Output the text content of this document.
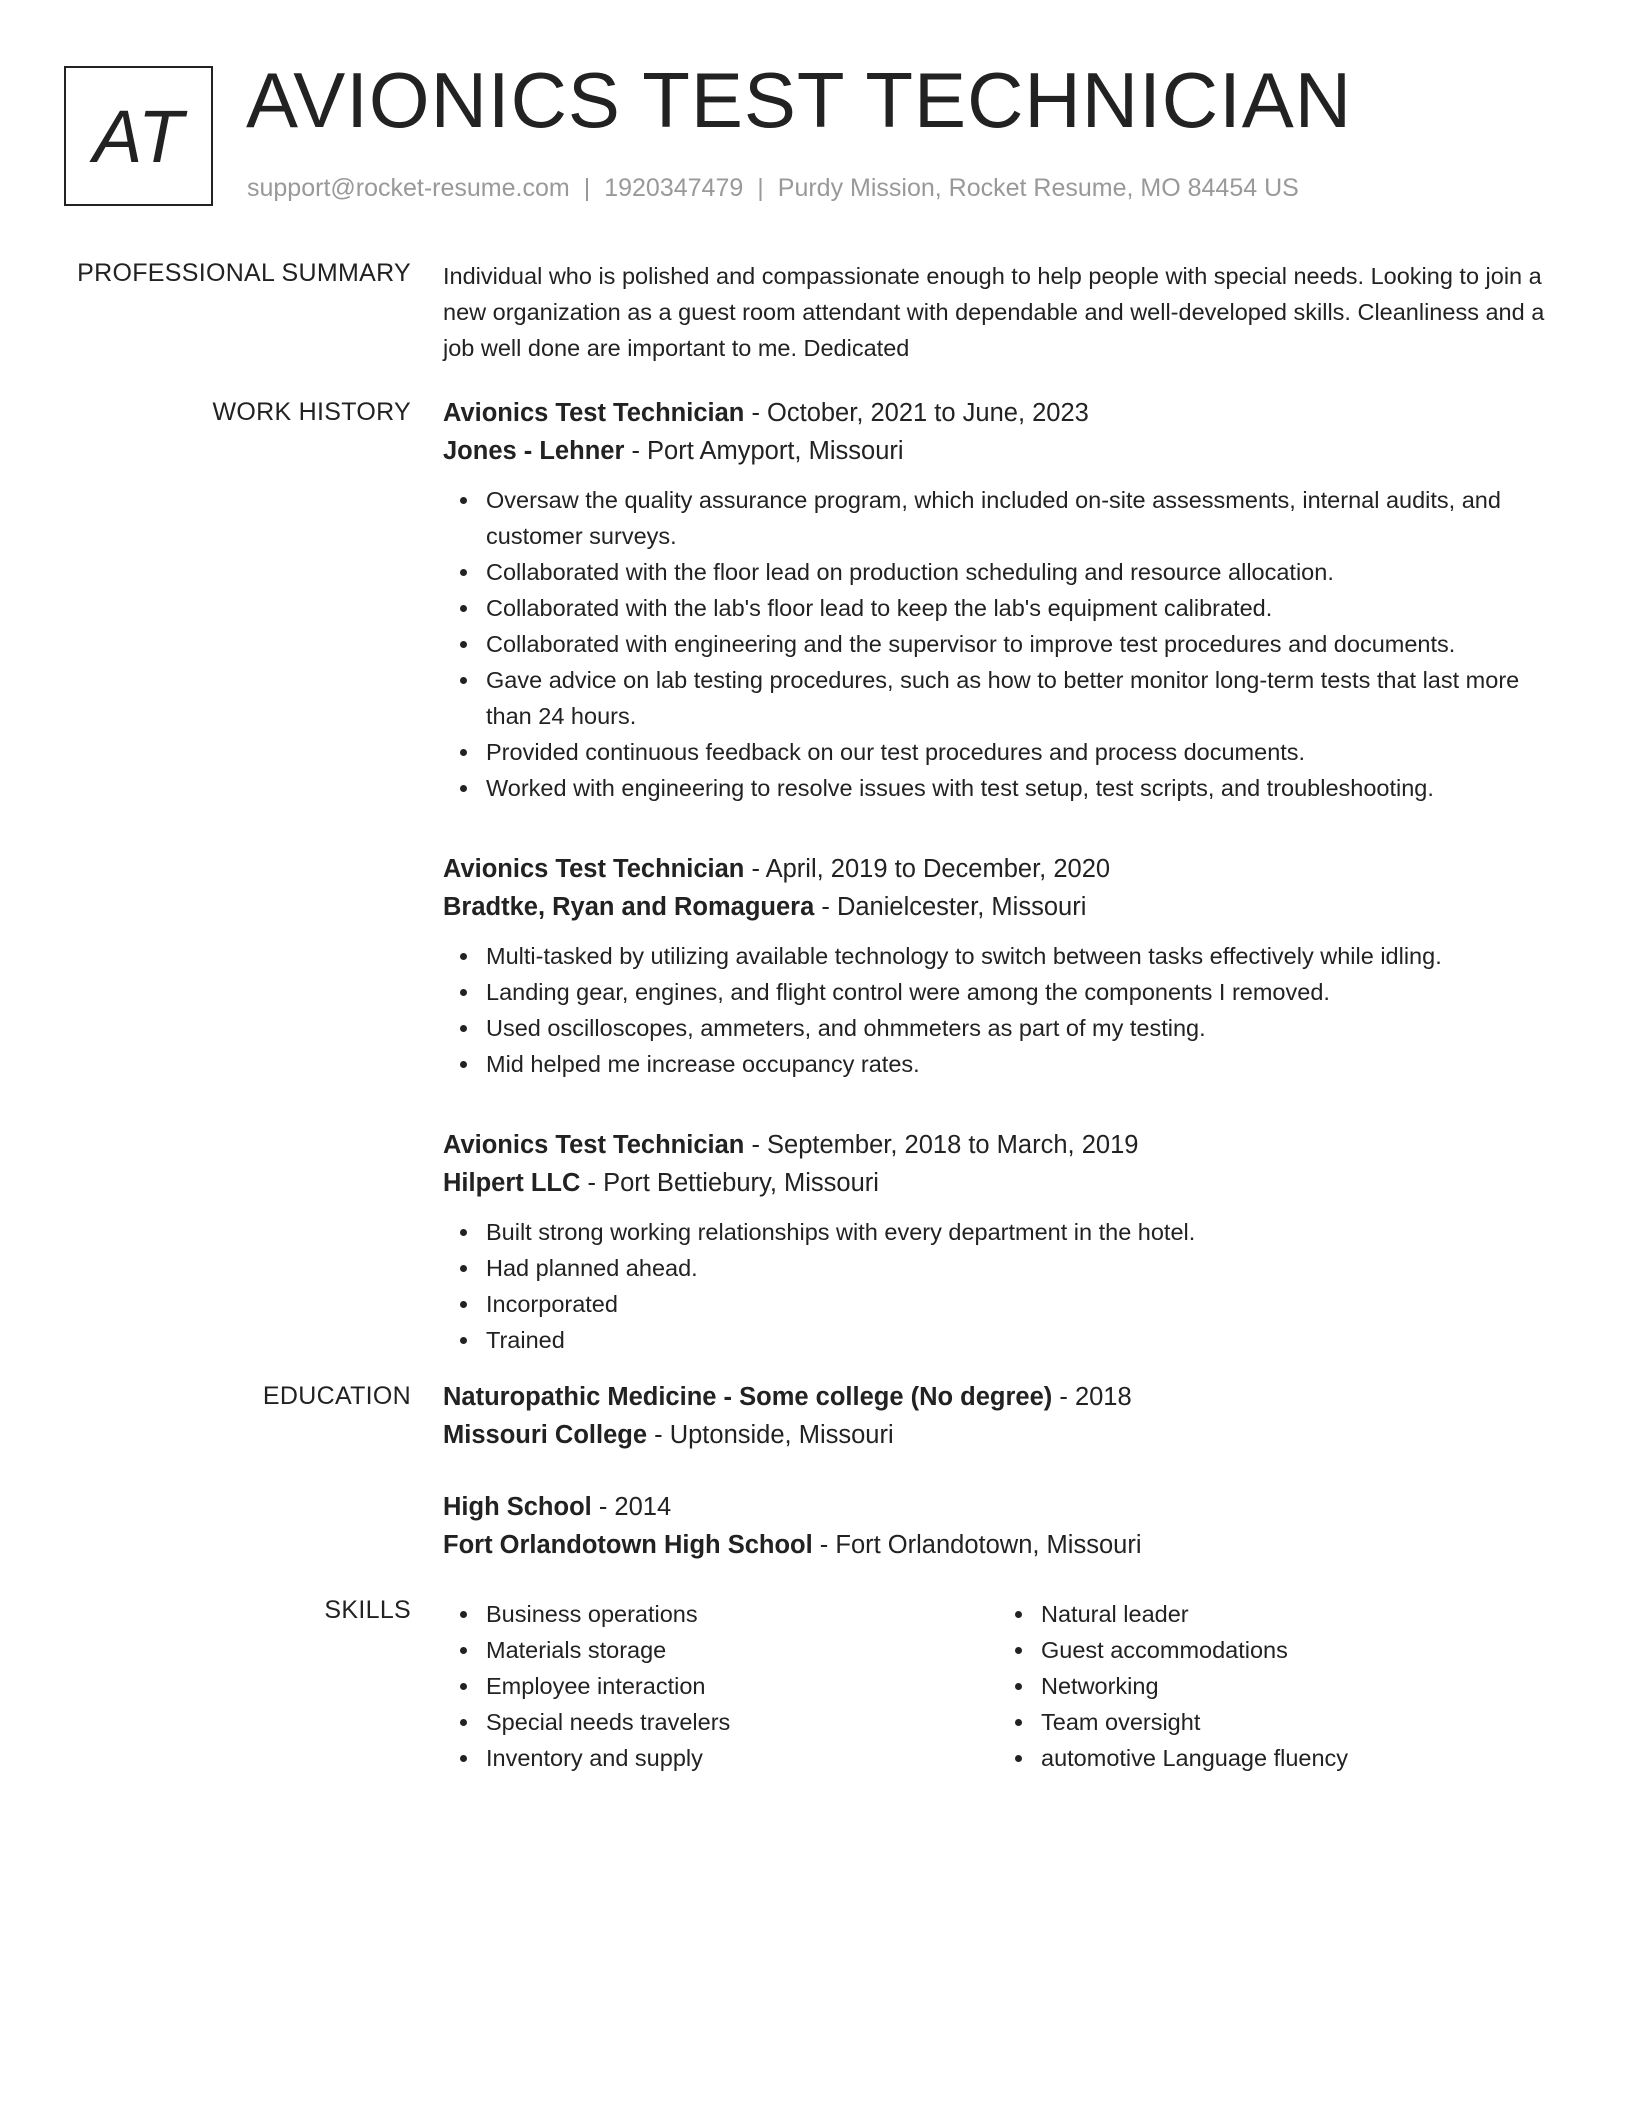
AT AVIONICS TEST TECHNICIAN
support@rocket-resume.com | 1920347479 | Purdy Mission, Rocket Resume, MO 84454 US
PROFESSIONAL SUMMARY Individual who is polished and compassionate enough to help people with special needs. Looking to join a new organization as a guest room attendant with dependable and well-developed skills. Cleanliness and a job well done are important to me. Dedicated

WORK HISTORY Avionics Test Technician - October, 2021 to June, 2023
Jones - Lehner - Port Amyport, Missouri
Oversaw the quality assurance program, which included on-site assessments, internal audits, and customer surveys.
Collaborated with the floor lead on production scheduling and resource allocation.
Collaborated with the lab's floor lead to keep the lab's equipment calibrated.
Collaborated with engineering and the supervisor to improve test procedures and documents.
Gave advice on lab testing procedures, such as how to better monitor long-term tests that last more than 24 hours.
Provided continuous feedback on our test procedures and process documents.
Worked with engineering to resolve issues with test setup, test scripts, and troubleshooting.
Avionics Test Technician - April, 2019 to December, 2020
Bradtke, Ryan and Romaguera - Danielcester, Missouri
Multi-tasked by utilizing available technology to switch between tasks effectively while idling.
Landing gear, engines, and flight control were among the components I removed.
Used oscilloscopes, ammeters, and ohmmeters as part of my testing.
Mid helped me increase occupancy rates.
Avionics Test Technician - September, 2018 to March, 2019
Hilpert LLC - Port Bettiebury, Missouri
Built strong working relationships with every department in the hotel.
Had planned ahead.
Incorporated
Trained
EDUCATION Naturopathic Medicine - Some college (No degree) - 2018
Missouri College - Uptonside, Missouri
High School - 2014
Fort Orlandotown High School - Fort Orlandotown, Missouri
SKILLS	Business operations
Materials storage
Employee interaction
Special needs travelers
Inventory and supply
Natural leader
Guest accommodations
Networking
Team oversight
automotive Language fluency
